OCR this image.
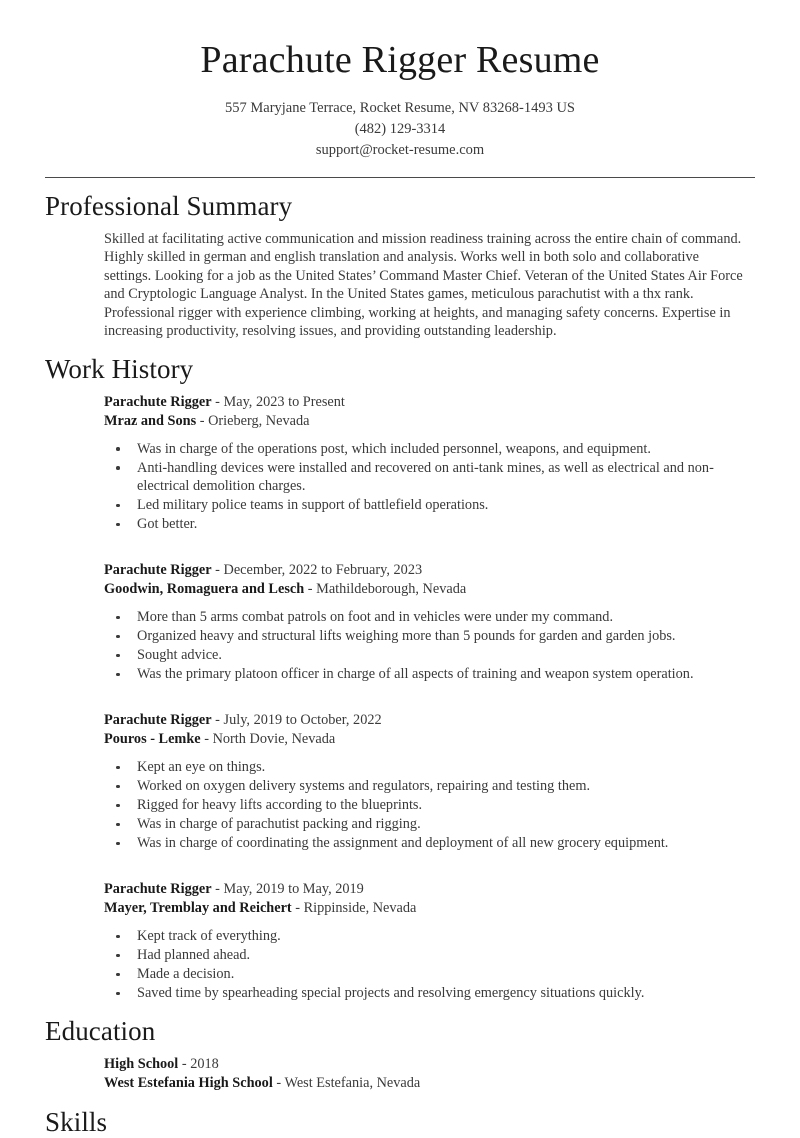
Parachute Rigger Resume
557 Maryjane Terrace, Rocket Resume, NV 83268-1493 US
(482) 129-3314
support@rocket-resume.com
Professional Summary

Skilled at facilitating active communication and mission readiness training across the entire chain of command. Highly skilled in german and english translation and analysis. Works well in both solo and collaborative settings. Looking for a job as the United States’ Command Master Chief. Veteran of the United States Air Force and Cryptologic Language Analyst. In the United States games, meticulous parachutist with a thx rank. Professional rigger with experience climbing, working at heights, and managing safety concerns. Expertise in increasing productivity, resolving issues, and providing outstanding leadership.

Work History
Parachute Rigger - May, 2023 to Present
Mraz and Sons - Orieberg, Nevada
Was in charge of the operations post, which included personnel, weapons, and equipment.
Anti-handling devices were installed and recovered on anti-tank mines, as well as electrical and non-electrical demolition charges.
Led military police teams in support of battlefield operations.
Got better.
Parachute Rigger - December, 2022 to February, 2023
Goodwin, Romaguera and Lesch - Mathildeborough, Nevada
More than 5 arms combat patrols on foot and in vehicles were under my command.
Organized heavy and structural lifts weighing more than 5 pounds for garden and garden jobs.
Sought advice.
Was the primary platoon officer in charge of all aspects of training and weapon system operation.
Parachute Rigger - July, 2019 to October, 2022
Pouros - Lemke - North Dovie, Nevada
Kept an eye on things.
Worked on oxygen delivery systems and regulators, repairing and testing them.
Rigged for heavy lifts according to the blueprints.
Was in charge of parachutist packing and rigging.
Was in charge of coordinating the assignment and deployment of all new grocery equipment.
Parachute Rigger - May, 2019 to May, 2019
Mayer, Tremblay and Reichert - Rippinside, Nevada
Kept track of everything.
Had planned ahead.
Made a decision.
Saved time by spearheading special projects and resolving emergency situations quickly.
Education
High School - 2018
West Estefania High School - West Estefania, Nevada
Skills
